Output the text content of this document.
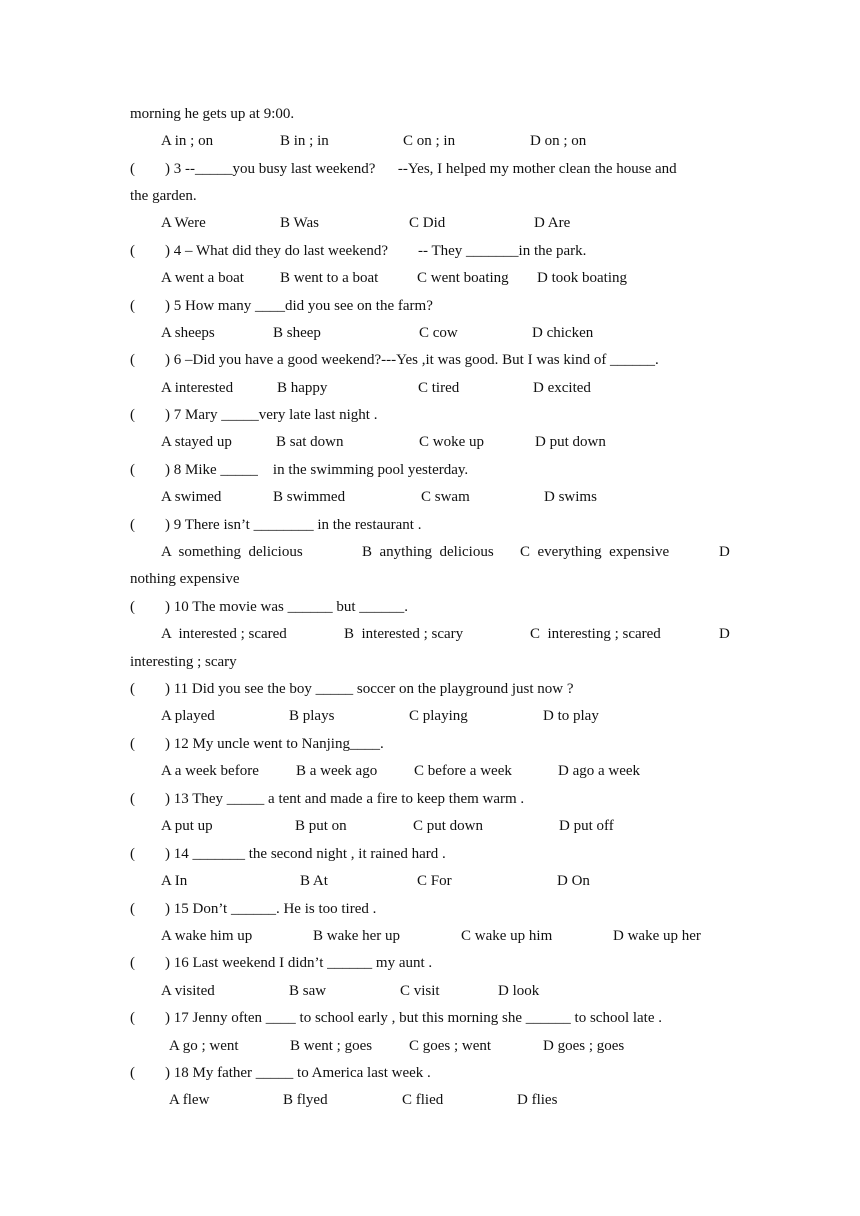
morning he gets up at 9:00.
A in ; on	B in ; in	C on ; in	D on ; on
(        ) 3 --_____you busy last weekend?      --Yes, I helped my mother clean the house and
the garden.
A Were	B Was	C Did	D Are
(        ) 4 – What did they do last weekend?        -- They _______in the park.
A went a boat B went to a boat	C went boating D took boating
(        ) 5 How many ____did you see on the farm?
A sheeps	B sheep	C cow	D chicken
(        ) 6 –Did you have a good weekend?---Yes ,it was good. But I was kind of ______.
A interested	B happy	C tired	D excited
(        ) 7 Mary _____very late last night .
A stayed up	B sat down	C woke up	D put down
(        ) 8 Mike _____    in the swimming pool yesterday.
A swimed	B swimmed	C swam	D swims
(        ) 9 There isn’t ________ in the restaurant .
A  something  delicious	B  anything  delicious C  everything  expensive	D
nothing expensive
(        ) 10 The movie was ______ but ______.
A  interested ; scared	B  interested ; scary	C  interesting ; scared	D
interesting ; scary
(        ) 11 Did you see the boy _____ soccer on the playground just now ?
A played	B plays	C playing	D to play
(        ) 12 My uncle went to Nanjing____.
A a week before B a week ago C before a week	D ago a week
(        ) 13 They _____ a tent and made a fire to keep them warm .
A put up	B put on	C put down	D put off
(        ) 14 _______ the second night , it rained hard .
A In	B At	C For	D On
(        ) 15 Don’t ______. He is too tired .
A wake him up	B wake her up	C wake up him	D wake up her
(        ) 16 Last weekend I didn’t ______ my aunt .
A visited	B saw	C visit	D look
(        ) 17 Jenny often ____ to school early , but this morning she ______ to school late .
A go ; went	B went ; goes C goes ; went	D goes ; goes
(        ) 18 My father _____ to America last week .
A flew	B flyed	C flied	D flies
